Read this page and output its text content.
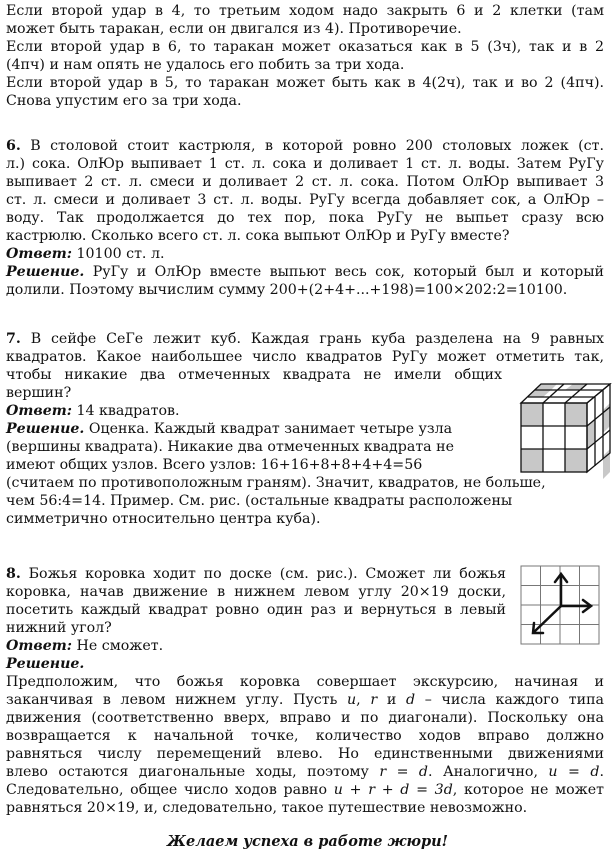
Если второй удар в 4, то третьим ходом надо закрыть 6 и 2 клетки (там
может быть таракан, если он двигался из 4). Противоречие.
Если второй удар в 6, то таракан может оказаться как в 5 (3ч), так и в 2
(4пч) и нам опять не удалось его побить за три хода.
Если второй удар в 5, то таракан может быть как в 4(2ч), так и во 2 (4пч).
Снова упустим его за три хода.
6. В столовой стоит кастрюля, в которой ровно 200 столовых ложек (ст.
л.) сока. ОлЮр выпивает 1 ст. л. сока и доливает 1 ст. л. воды. Затем РуГу
выпивает 2 ст. л. смеси и доливает 2 ст. л. сока. Потом ОлЮр выпивает 3
ст. л. смеси и доливает 3 ст. л. воды. РуГу всегда добавляет сок, а ОлЮр –
воду. Так продолжается до тех пор, пока РуГу не выпьет сразу всю
кастрюлю. Сколько всего ст. л. сока выпьют ОлЮр и РуГу вместе?
Ответ: 10100 ст. л.
Решение. РуГу и ОлЮр вместе выпьют весь сок, который был и который
долили. Поэтому вычислим сумму 200+(2+4+...+198)=100×202:2=10100.
7. В сейфе СеГе лежит куб. Каждая грань куба разделена на 9 равных
квадратов. Какое наибольшее число квадратов РуГу может отметить так,
чтобы никакие два отмеченных квадрата не имели общих
вершин?
Ответ: 14 квадратов.
Решение. Оценка. Каждый квадрат занимает четыре узла
(вершины квадрата). Никакие два отмеченных квадрата не
имеют общих узлов. Всего узлов: 16+16+8+8+4+4=56
(считаем по противоположным граням). Значит, квадратов, не больше,
чем 56:4=14. Пример. См. рис. (остальные квадраты расположены
симметрично относительно центра куба).
8. Божья коровка ходит по доске (см. рис.). Сможет ли божья
коровка, начав движение в нижнем левом углу 20×19 доски,
посетить каждый квадрат ровно один раз и вернуться в левый
нижний угол?
Ответ: Не сможет.
Решение.
Предположим, что божья коровка совершает экскурсию, начиная и
заканчивая в левом нижнем углу. Пусть u, r и d – числа каждого типа
движения (соответственно вверх, вправо и по диагонали). Поскольку она
возвращается к начальной точке, количество ходов вправо должно
равняться числу перемещений влево. Но единственными движениями
влево остаются диагональные ходы, поэтому r = d. Аналогично, u = d.
Следовательно, общее число ходов равно u + r + d = 3d, которое не может
равняться 20×19, и, следовательно, такое путешествие невозможно.
Желаем успеха в работе жюри!
